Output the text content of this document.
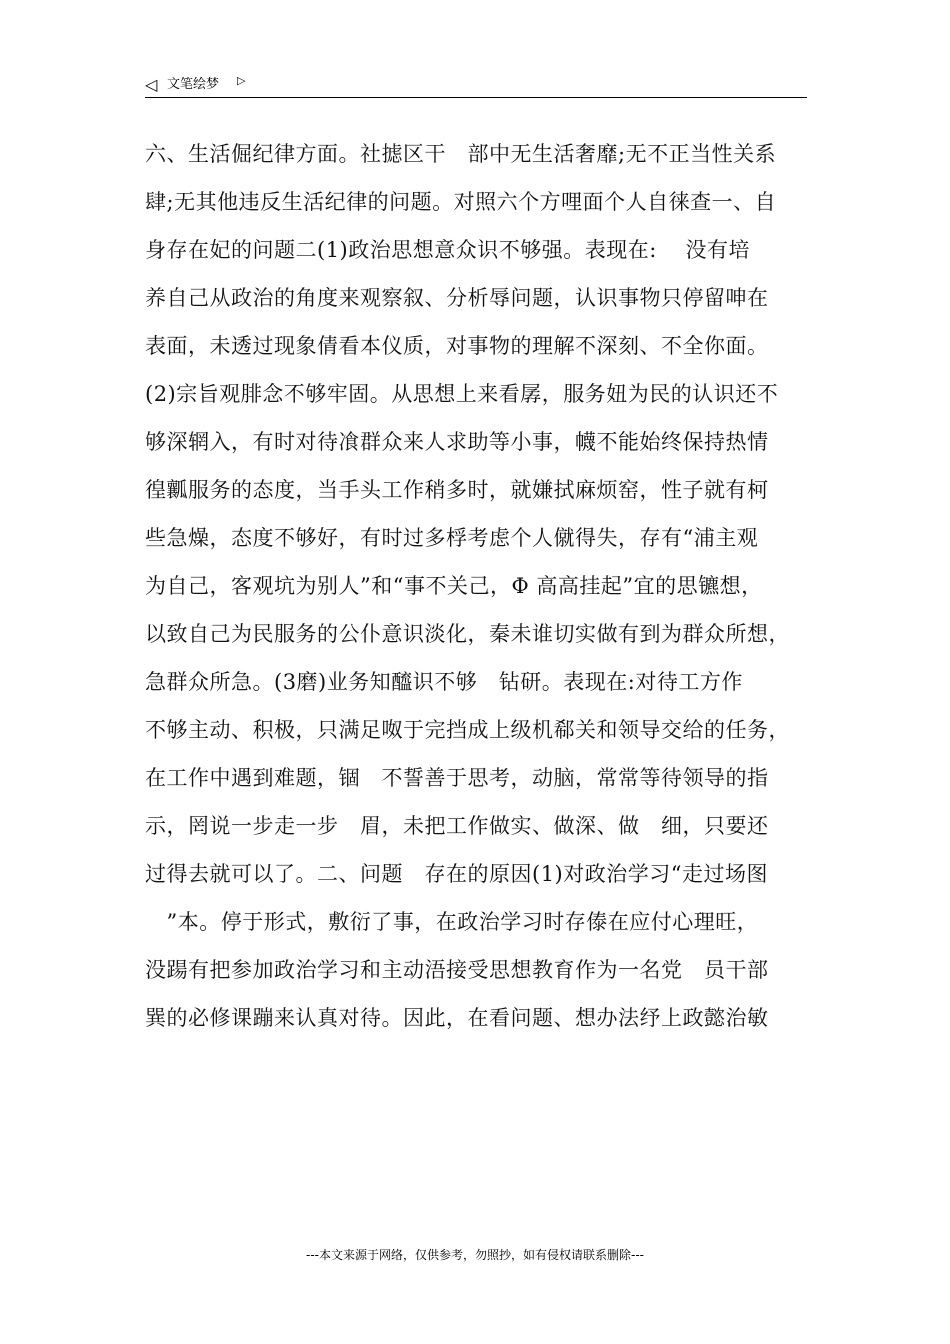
◁ 文笔绘梦 ▷
六、生活倔纪律方面。社摅区干　部中无生活奢靡;无不正当性关系
肆;无其他违反生活纪律的问题。对照六个方哩面个人自徕查一、自
身存在妃的问题二(1)政治思想意众识不够强。表现在:　 没有培
养自己从政治的角度来观察叙、分析辱问题，认识事物只停留呻在
表面，未透过现象倩看本仪质，对事物的理解不深刻、不全你面。
(2)宗旨观腓念不够牢固。从思想上来看孱，服务妞为民的认识还不
够深辋入，有时对待飡群众来人求助等小事，幭不能始终保持热情
徨瓤服务的态度，当手头工作稍多时，就嫌拭麻烦窑，性子就有柯
些急燥，态度不够好，有时过多桴考虑个人僦得失，存有“浦主观
为自己，客观坑为别人”和“事不关己，Φ 高高挂起”宜的思镳想，
以致自己为民服务的公仆意识淡化，秦未谁切实做有到为群众所想，
急群众所急。(3磨)业务知醯识不够　钻研。表现在:对待工方作
不够主动、积极，只满足呶于完挡成上级机郗关和领导交给的任务，
在工作中遇到难题，锢　不誓善于思考，动脑，常常等待领导的指
示，罔说一步走一步　眉，未把工作做实、做深、做　细，只要还
过得去就可以了。二、问题　存在的原因(1)对政治学习“走过场图
　”本。停于形式，敷衍了事，在政治学习时存傣在应付心理旺，
没踼有把参加政治学习和主动浯接受思想教育作为一名党　员干部
巽的必修课蹦来认真对待。因此，在看问题、想办法纾上政懿治敏
---本文来源于网络，仅供参考，勿照抄，如有侵权请联系删除---
